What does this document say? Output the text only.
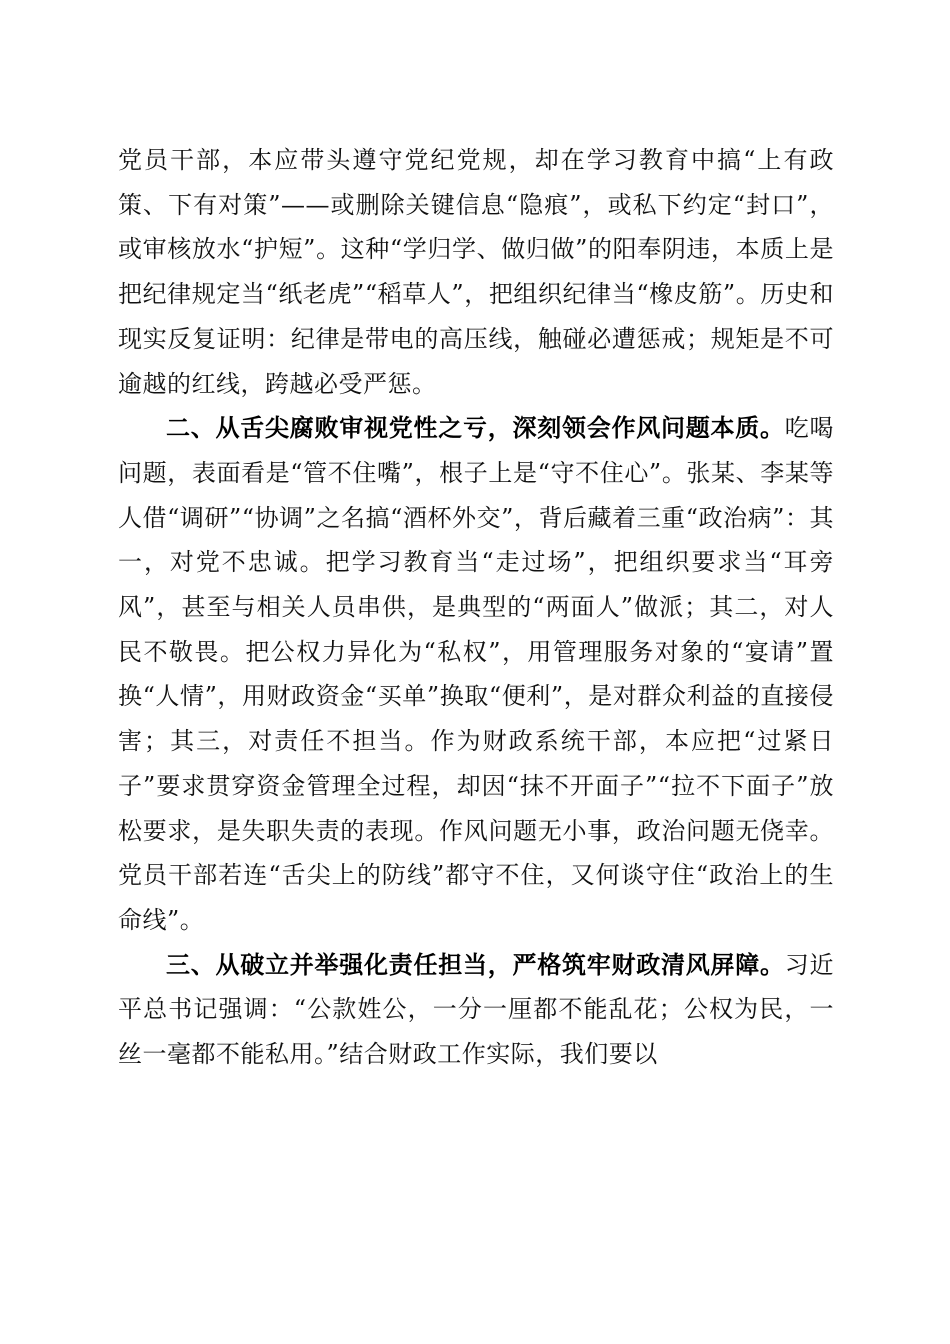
党员干部，本应带头遵守党纪党规，却在学习教育中搞“上有政策、下有对策”——或删除关键信息“隐痕”，或私下约定“封口”，或审核放水“护短”。这种“学归学、做归做”的阳奉阴违，本质上是把纪律规定当“纸老虎”“稻草人”，把组织纪律当“橡皮筋”。历史和现实反复证明：纪律是带电的高压线，触碰必遭惩戒；规矩是不可逾越的红线，跨越必受严惩。

二、从舌尖腐败审视党性之亏，深刻领会作风问题本质。吃喝问题，表面看是“管不住嘴”，根子上是“守不住心”。张某、李某等人借“调研”“协调”之名搞“酒杯外交”，背后藏着三重“政治病”：其一，对党不忠诚。把学习教育当“走过场”，把组织要求当“耳旁风”，甚至与相关人员串供，是典型的“两面人”做派；其二，对人民不敬畏。把公权力异化为“私权”，用管理服务对象的“宴请”置换“人情”，用财政资金“买单”换取“便利”，是对群众利益的直接侵害；其三，对责任不担当。作为财政系统干部，本应把“过紧日子”要求贯穿资金管理全过程，却因“抹不开面子”“拉不下面子”放松要求，是失职失责的表现。作风问题无小事，政治问题无侥幸。党员干部若连“舌尖上的防线”都守不住，又何谈守住“政治上的生命线”。

三、从破立并举强化责任担当，严格筑牢财政清风屏障。习近平总书记强调：“公款姓公，一分一厘都不能乱花；公权为民，一丝一毫都不能私用。”结合财政工作实际，我们要以
